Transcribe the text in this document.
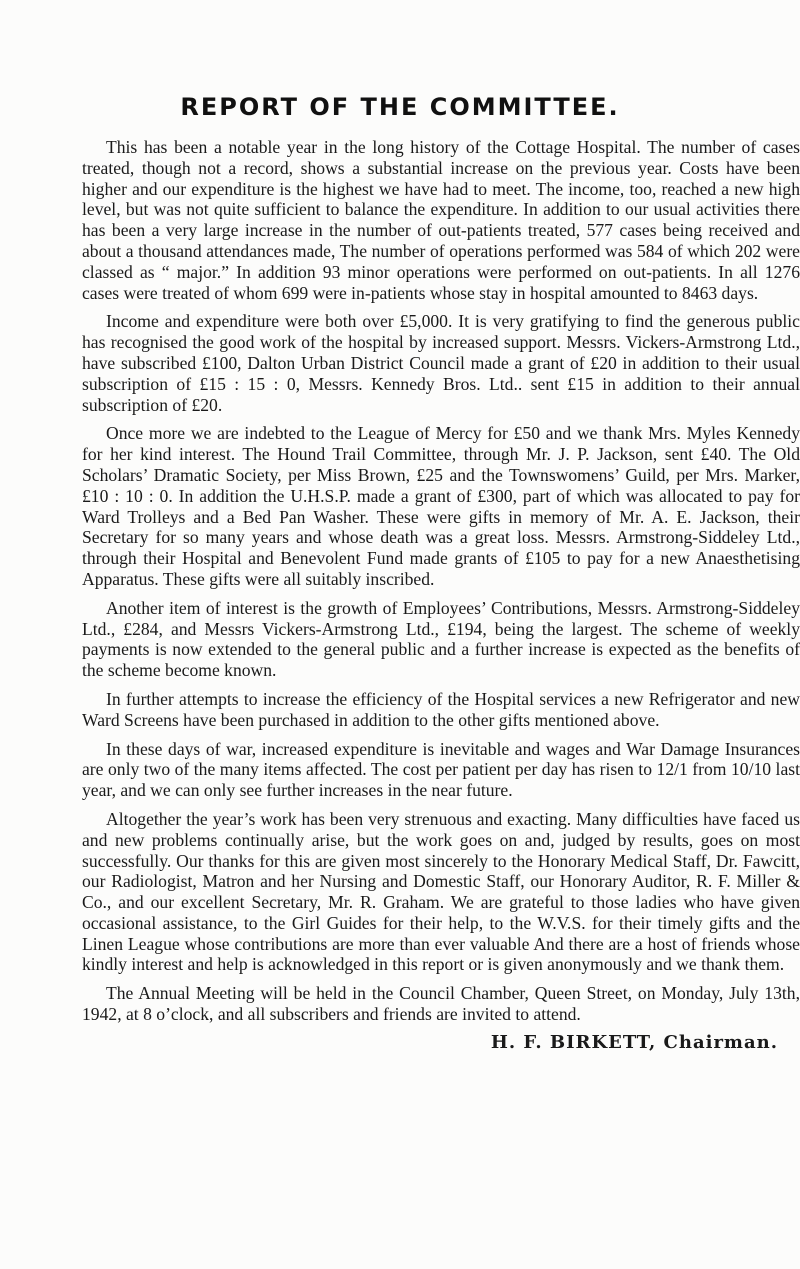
REPORT OF THE COMMITTEE.

This has been a notable year in the long history of the Cottage Hospital. The number of cases treated, though not a record, shows a substantial increase on the previous year. Costs have been higher and our expenditure is the highest we have had to meet. The income, too, reached a new high level, but was not quite sufficient to balance the expenditure. In addition to our usual activities there has been a very large increase in the number of out-patients treated, 577 cases being received and about a thousand attendances made, The number of operations performed was 584 of which 202 were classed as “ major.” In addition 93 minor operations were performed on out-patients. In all 1276 cases were treated of whom 699 were in-patients whose stay in hospital amounted to 8463 days.

Income and expenditure were both over £5,000. It is very gratifying to find the generous public has recognised the good work of the hospital by increased support. Messrs. Vickers-Armstrong Ltd., have subscribed £100, Dalton Urban District Council made a grant of £20 in addition to their usual subscription of £15 : 15 : 0, Messrs. Kennedy Bros. Ltd.. sent £15 in addition to their annual subscription of £20.

Once more we are indebted to the League of Mercy for £50 and we thank Mrs. Myles Kennedy for her kind interest. The Hound Trail Committee, through Mr. J. P. Jackson, sent £40. The Old Scholars’ Dramatic Society, per Miss Brown, £25 and the Townswomens’ Guild, per Mrs. Marker, £10 : 10 : 0. In addition the U.H.S.P. made a grant of £300, part of which was allocated to pay for Ward Trolleys and a Bed Pan Washer. These were gifts in memory of Mr. A. E. Jackson, their Secretary for so many years and whose death was a great loss. Messrs. Armstrong-Siddeley Ltd., through their Hospital and Benevolent Fund made grants of £105 to pay for a new Anaesthetising Apparatus. These gifts were all suitably inscribed.

Another item of interest is the growth of Employees’ Contributions, Messrs. Armstrong-Siddeley Ltd., £284, and Messrs Vickers-Armstrong Ltd., £194, being the largest. The scheme of weekly payments is now extended to the general public and a further increase is expected as the benefits of the scheme become known.

In further attempts to increase the efficiency of the Hospital services a new Refrigerator and new Ward Screens have been purchased in addition to the other gifts mentioned above.

In these days of war, increased expenditure is inevitable and wages and War Damage Insurances are only two of the many items affected. The cost per patient per day has risen to 12/1 from 10/10 last year, and we can only see further increases in the near future.

Altogether the year’s work has been very strenuous and exacting. Many difficulties have faced us and new problems continually arise, but the work goes on and, judged by results, goes on most successfully. Our thanks for this are given most sincerely to the Honorary Medical Staff, Dr. Fawcitt, our Radiologist, Matron and her Nursing and Domestic Staff, our Honorary Auditor, R. F. Miller & Co., and our excellent Secretary, Mr. R. Graham. We are grateful to those ladies who have given occasional assistance, to the Girl Guides for their help, to the W.V.S. for their timely gifts and the Linen League whose contributions are more than ever valuable And there are a host of friends whose kindly interest and help is acknowledged in this report or is given anonymously and we thank them.

The Annual Meeting will be held in the Council Chamber, Queen Street, on Monday, July 13th, 1942, at 8 o’clock, and all subscribers and friends are invited to attend.

H. F. BIRKETT, Chairman.
